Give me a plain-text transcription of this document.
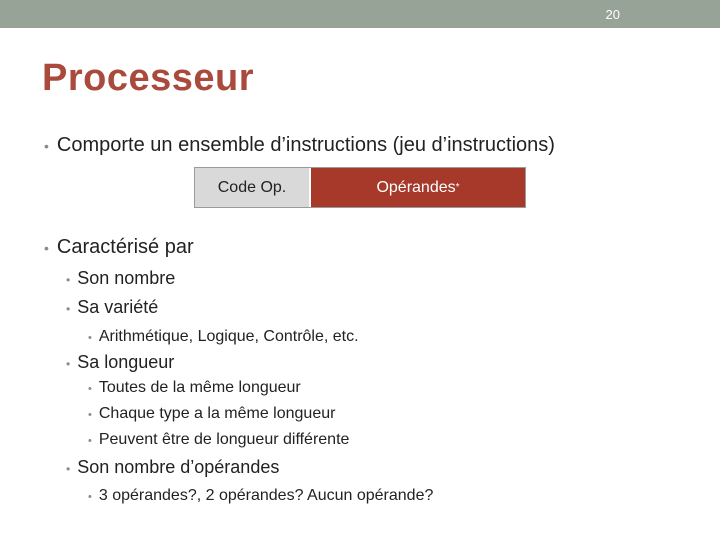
20
Processeur
• Comporte un ensemble d’instructions (jeu d’instructions)
Code Op.	Opérandes *
• Caractérisé par
• Son nombre
• Sa variété
• Arithmétique, Logique, Contrôle, etc.
• Sa longueur
• Toutes de la même longueur
• Chaque type a la même longueur
• Peuvent être de longueur différente
• Son nombre d’opérandes
• 3 opérandes?, 2 opérandes? Aucun opérande?
